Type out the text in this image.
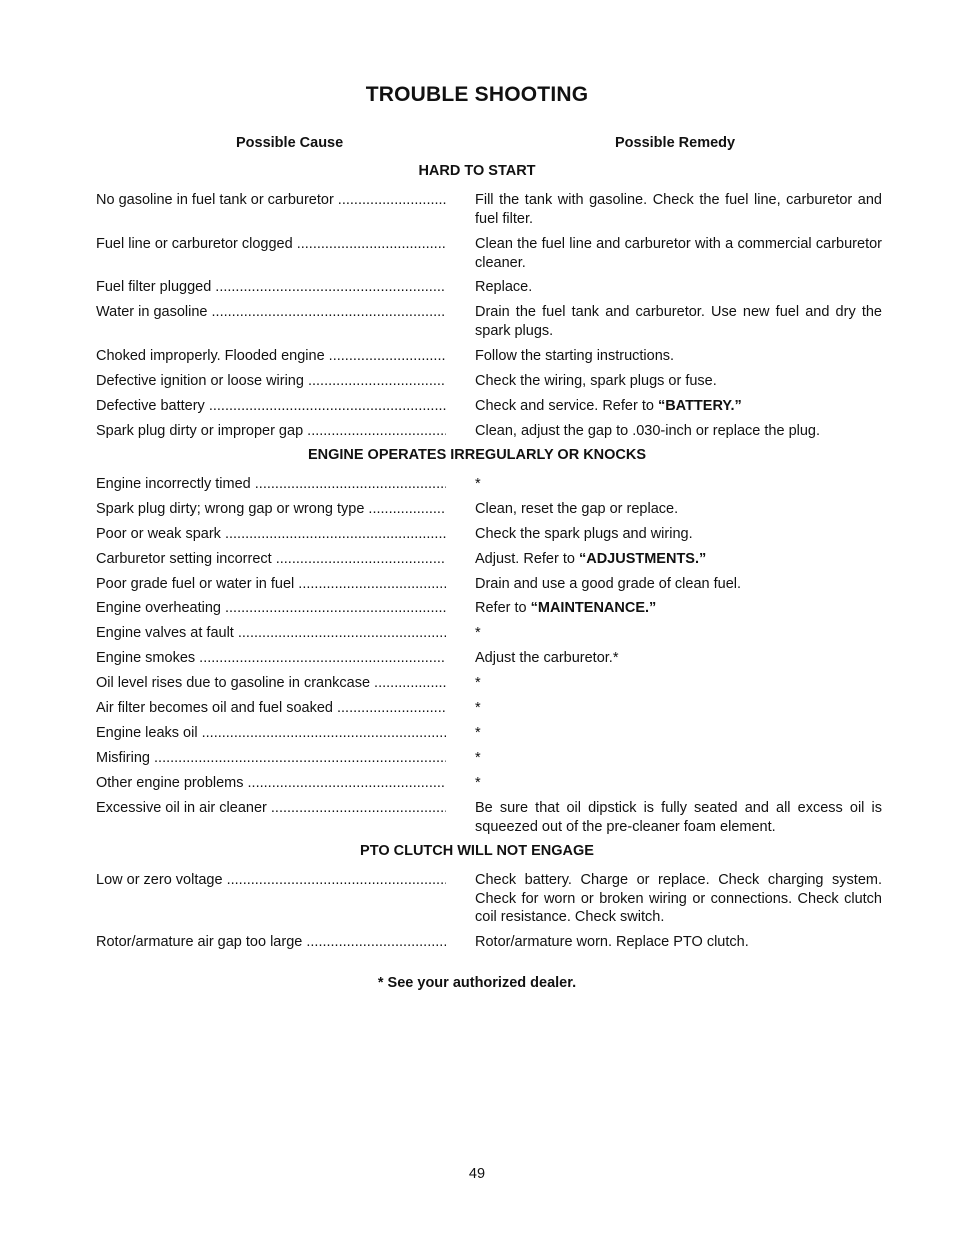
TROUBLE SHOOTING
Possible Cause	Possible Remedy
HARD TO START
No gasoline in fuel tank or carburetor .....	Fill the tank with gasoline. Check the fuel line, carburetor and fuel filter.
Fuel line or carburetor clogged .....	Clean the fuel line and carburetor with a commercial carburetor cleaner.
Fuel filter plugged .....	Replace.
Water in gasoline .....	Drain the fuel tank and carburetor. Use new fuel and dry the spark plugs.
Choked improperly. Flooded engine .....	Follow the starting instructions.
Defective ignition or loose wiring .....	Check the wiring, spark plugs or fuse.
Defective battery .....	Check and service. Refer to “BATTERY.”
Spark plug dirty or improper gap .....	Clean, adjust the gap to .030-inch or replace the plug.
ENGINE OPERATES IRREGULARLY OR KNOCKS
Engine incorrectly timed .....	*
Spark plug dirty; wrong gap or wrong type .....	Clean, reset the gap or replace.
Poor or weak spark .....	Check the spark plugs and wiring.
Carburetor setting incorrect .....	Adjust. Refer to “ADJUSTMENTS.”
Poor grade fuel or water in fuel .....	Drain and use a good grade of clean fuel.
Engine overheating .....	Refer to “MAINTENANCE.”
Engine valves at fault .....	*
Engine smokes .....	Adjust the carburetor.*
Oil level rises due to gasoline in crankcase .....	*
Air filter becomes oil and fuel soaked .....	*
Engine leaks oil .....	*
Misfiring .....	*
Other engine problems .....	*
Excessive oil in air cleaner .....	Be sure that oil dipstick is fully seated and all excess oil is squeezed out of the pre-cleaner foam element.
PTO CLUTCH WILL NOT ENGAGE
Low or zero voltage .....	Check battery. Charge or replace. Check charging system. Check for worn or broken wiring or connections. Check clutch coil resistance. Check switch.
Rotor/armature air gap too large .....	Rotor/armature worn. Replace PTO clutch.
* See your authorized dealer.
49
